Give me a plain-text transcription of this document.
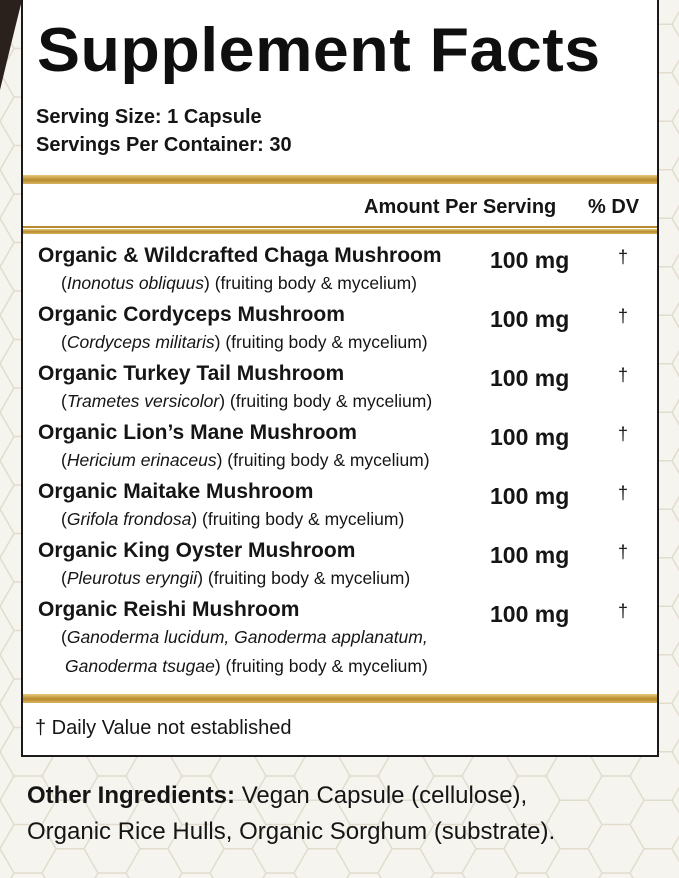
Supplement Facts
Serving Size: 1 Capsule
Servings Per Container: 30
Amount Per Serving % DV
Organic & Wildcrafted Chaga Mushroom 100 mg	†
(Inonotus obliquus) (fruiting body & mycelium)
Organic Cordyceps Mushroom	100 mg	†
(Cordyceps militaris) (fruiting body & mycelium)
Organic Turkey Tail Mushroom	100 mg	†
(Trametes versicolor) (fruiting body & mycelium)
Organic Lion’s Mane Mushroom	100 mg	†
(Hericium erinaceus) (fruiting body & mycelium)
Organic Maitake Mushroom	100 mg	†
(Grifola frondosa) (fruiting body & mycelium)
Organic King Oyster Mushroom	100 mg	†
(Pleurotus eryngii) (fruiting body & mycelium)
Organic Reishi Mushroom	100 mg	†
(Ganoderma lucidum, Ganoderma applanatum,
Ganoderma tsugae) (fruiting body & mycelium)
† Daily Value not established
Other Ingredients: Vegan Capsule (cellulose),
Organic Rice Hulls, Organic Sorghum (substrate).
